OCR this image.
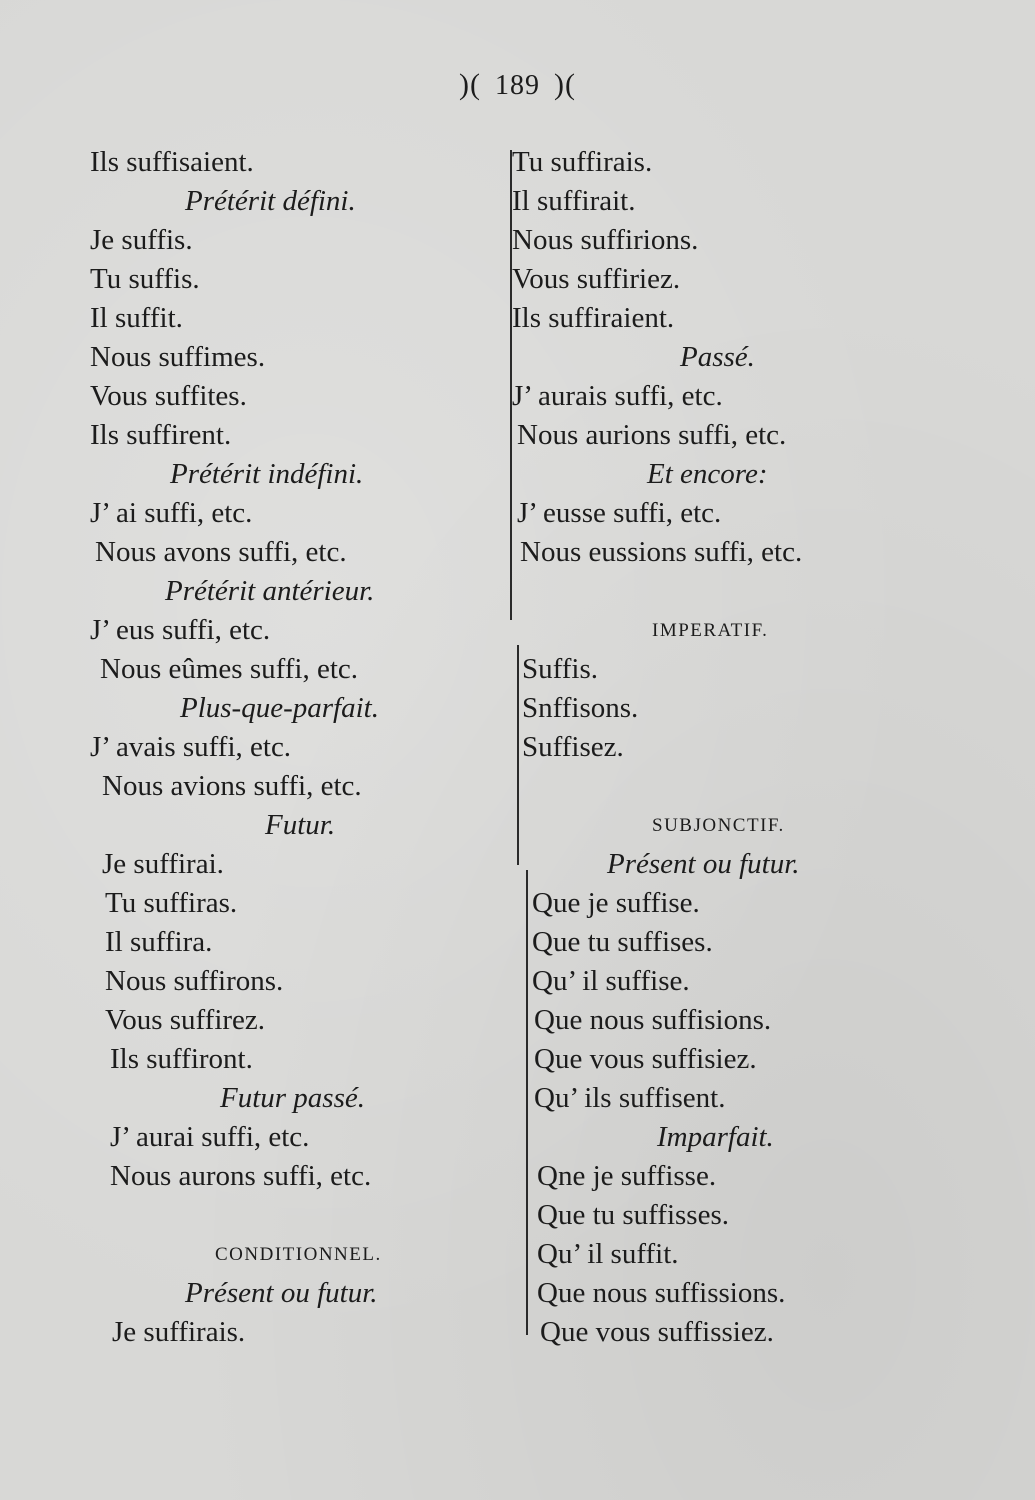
)( 189 )(
Ils suffisaient.
Prétérit défini.
Je suffis.
Tu suffis.
Il suffit.
Nous suffimes.
Vous suffites.
Ils suffirent.
Prétérit indéfini.
J’ ai suffi, etc.
Nous avons suffi, etc.
Prétérit antérieur.
J’ eus suffi, etc.
Nous eûmes suffi, etc.
Plus-que-parfait.
J’ avais suffi, etc.
Nous avions suffi, etc.
Futur.
Je suffirai.
Tu suffiras.
Il suffira.
Nous suffirons.
Vous suffirez.
Ils suffiront.
Futur passé.
J’ aurai suffi, etc.
Nous aurons suffi, etc.
CONDITIONNEL.
Présent ou futur.
Je suffirais.
Tu suffirais.
Il suffirait.
Nous suffirions.
Vous suffiriez.
Ils suffiraient.
Passé.
J’ aurais suffi, etc.
Nous aurions suffi, etc.
Et encore:
J’ eusse suffi, etc.
Nous eussions suffi, etc.
IMPERATIF.
Suffis.
Snffisons.
Suffisez.
SUBJONCTIF.
Présent ou futur.
Que je suffise.
Que tu suffises.
Qu’ il suffise.
Que nous suffisions.
Que vous suffisiez.
Qu’ ils suffisent.
Imparfait.
Qne je suffisse.
Que tu suffisses.
Qu’ il suffit.
Que nous suffissions.
Que vous suffissiez.
